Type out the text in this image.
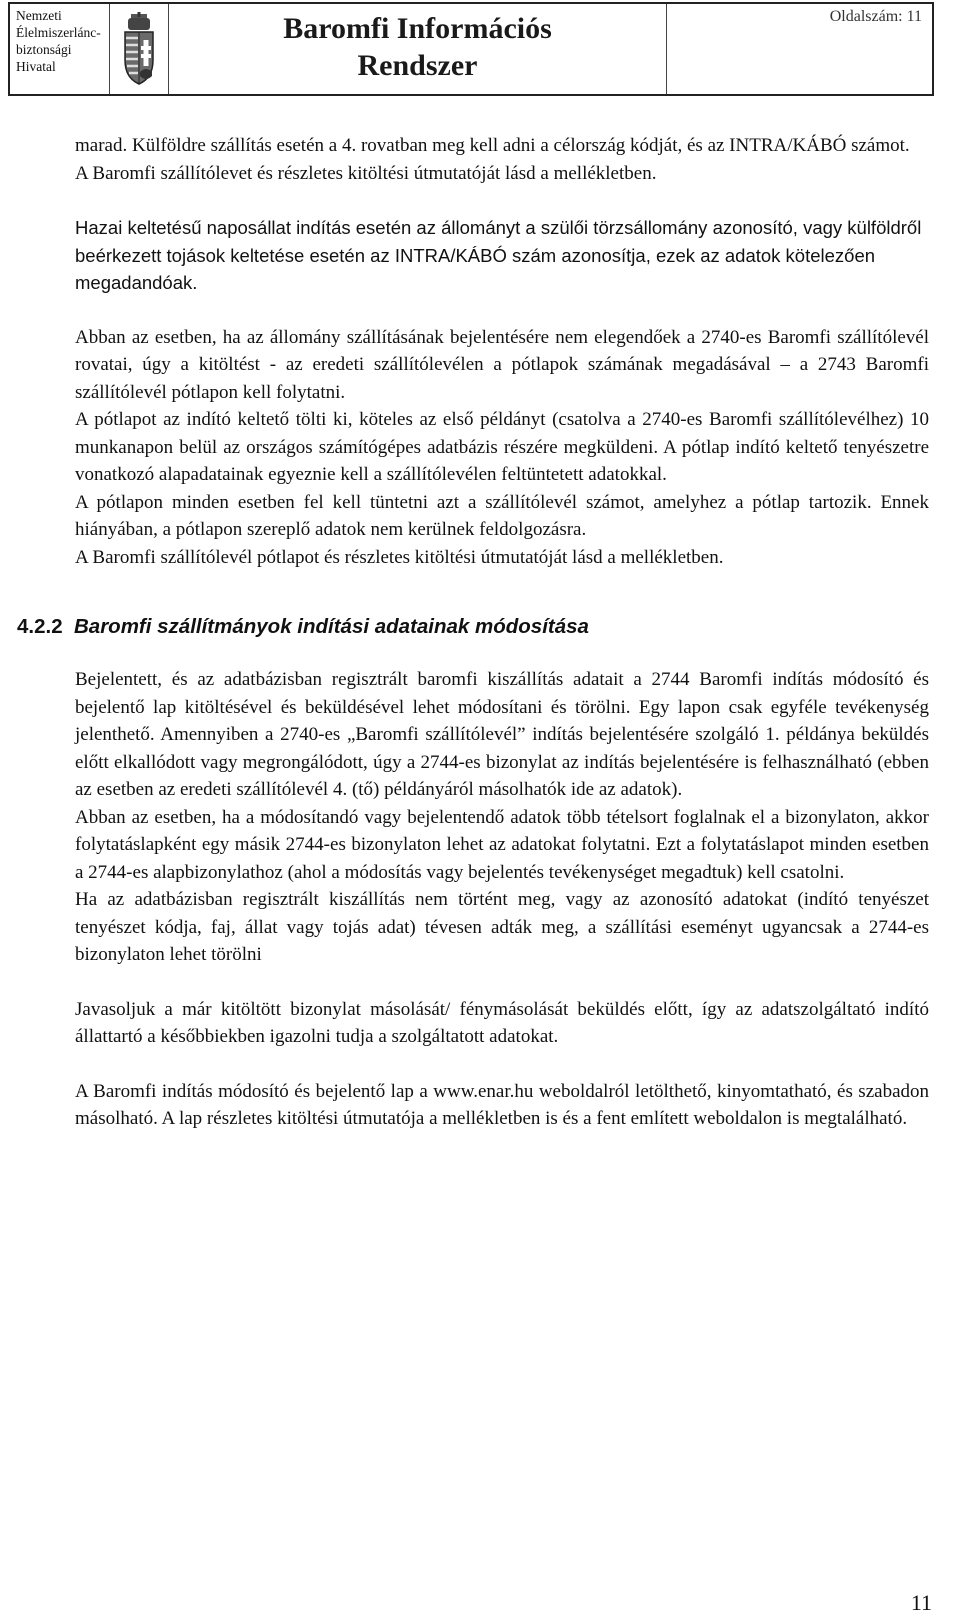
Nemzeti
Élelmiszerlánc-
biztonsági
Hivatal
Baromfi Információs
Rendszer
Oldalszám: 11

marad. Külföldre szállítás esetén a 4. rovatban meg kell adni a célország kódját, és az INTRA/KÁBÓ számot.

A Baromfi szállítólevet és részletes kitöltési útmutatóját lásd a mellékletben.

Hazai keltetésű naposállat indítás esetén az állományt a szülői törzsállomány azonosító, vagy külföldről beérkezett tojások keltetése esetén az INTRA/KÁBÓ szám azonosítja, ezek az adatok kötelezően megadandóak.

Abban az esetben, ha az állomány szállításának bejelentésére nem elegendőek a 2740-es Baromfi szállítólevél rovatai, úgy a kitöltést - az eredeti szállítólevélen a pótlapok számának megadásával – a 2743 Baromfi szállítólevél pótlapon kell folytatni.

A pótlapot az indító keltető tölti ki, köteles az első példányt (csatolva a 2740-es Baromfi szállítólevélhez) 10 munkanapon belül az országos számítógépes adatbázis részére megküldeni. A pótlap indító keltető tenyészetre vonatkozó alapadatainak egyeznie kell a szállítólevélen feltüntetett adatokkal.

A pótlapon minden esetben fel kell tüntetni azt a szállítólevél számot, amelyhez a pótlap tartozik. Ennek hiányában, a pótlapon szereplő adatok nem kerülnek feldolgozásra.

A Baromfi szállítólevél pótlapot és részletes kitöltési útmutatóját lásd a mellékletben.

4.2.2 Baromfi szállítmányok indítási adatainak módosítása

Bejelentett, és az adatbázisban regisztrált baromfi kiszállítás adatait a 2744 Baromfi indítás módosító és bejelentő lap kitöltésével és beküldésével lehet módosítani és törölni. Egy lapon csak egyféle tevékenység jelenthető. Amennyiben a 2740-es „Baromfi szállítólevél” indítás bejelentésére szolgáló 1. példánya beküldés előtt elkallódott vagy megrongálódott, úgy a 2744-es bizonylat az indítás bejelentésére is felhasználható (ebben az esetben az eredeti szállítólevél 4. (tő) példányáról másolhatók ide az adatok).

Abban az esetben, ha a módosítandó vagy bejelentendő adatok több tételsort foglalnak el a bizonylaton, akkor folytatáslapként egy másik 2744-es bizonylaton lehet az adatokat folytatni. Ezt a folytatáslapot minden esetben a 2744-es alapbizonylathoz (ahol a módosítás vagy bejelentés tevékenységet megadtuk) kell csatolni.

Ha az adatbázisban regisztrált kiszállítás nem történt meg, vagy az azonosító adatokat (indító tenyészet tenyészet kódja, faj, állat vagy tojás adat) tévesen adták meg, a szállítási eseményt ugyancsak a 2744-es bizonylaton lehet törölni

Javasoljuk a már kitöltött bizonylat másolását/ fénymásolását beküldés előtt, így az adatszolgáltató indító állattartó a későbbiekben igazolni tudja a szolgáltatott adatokat.

A Baromfi indítás módosító és bejelentő lap a www.enar.hu weboldalról letölthető, kinyomtatható, és szabadon másolható. A lap részletes kitöltési útmutatója a mellékletben is és a fent említett weboldalon is megtalálható.

11
